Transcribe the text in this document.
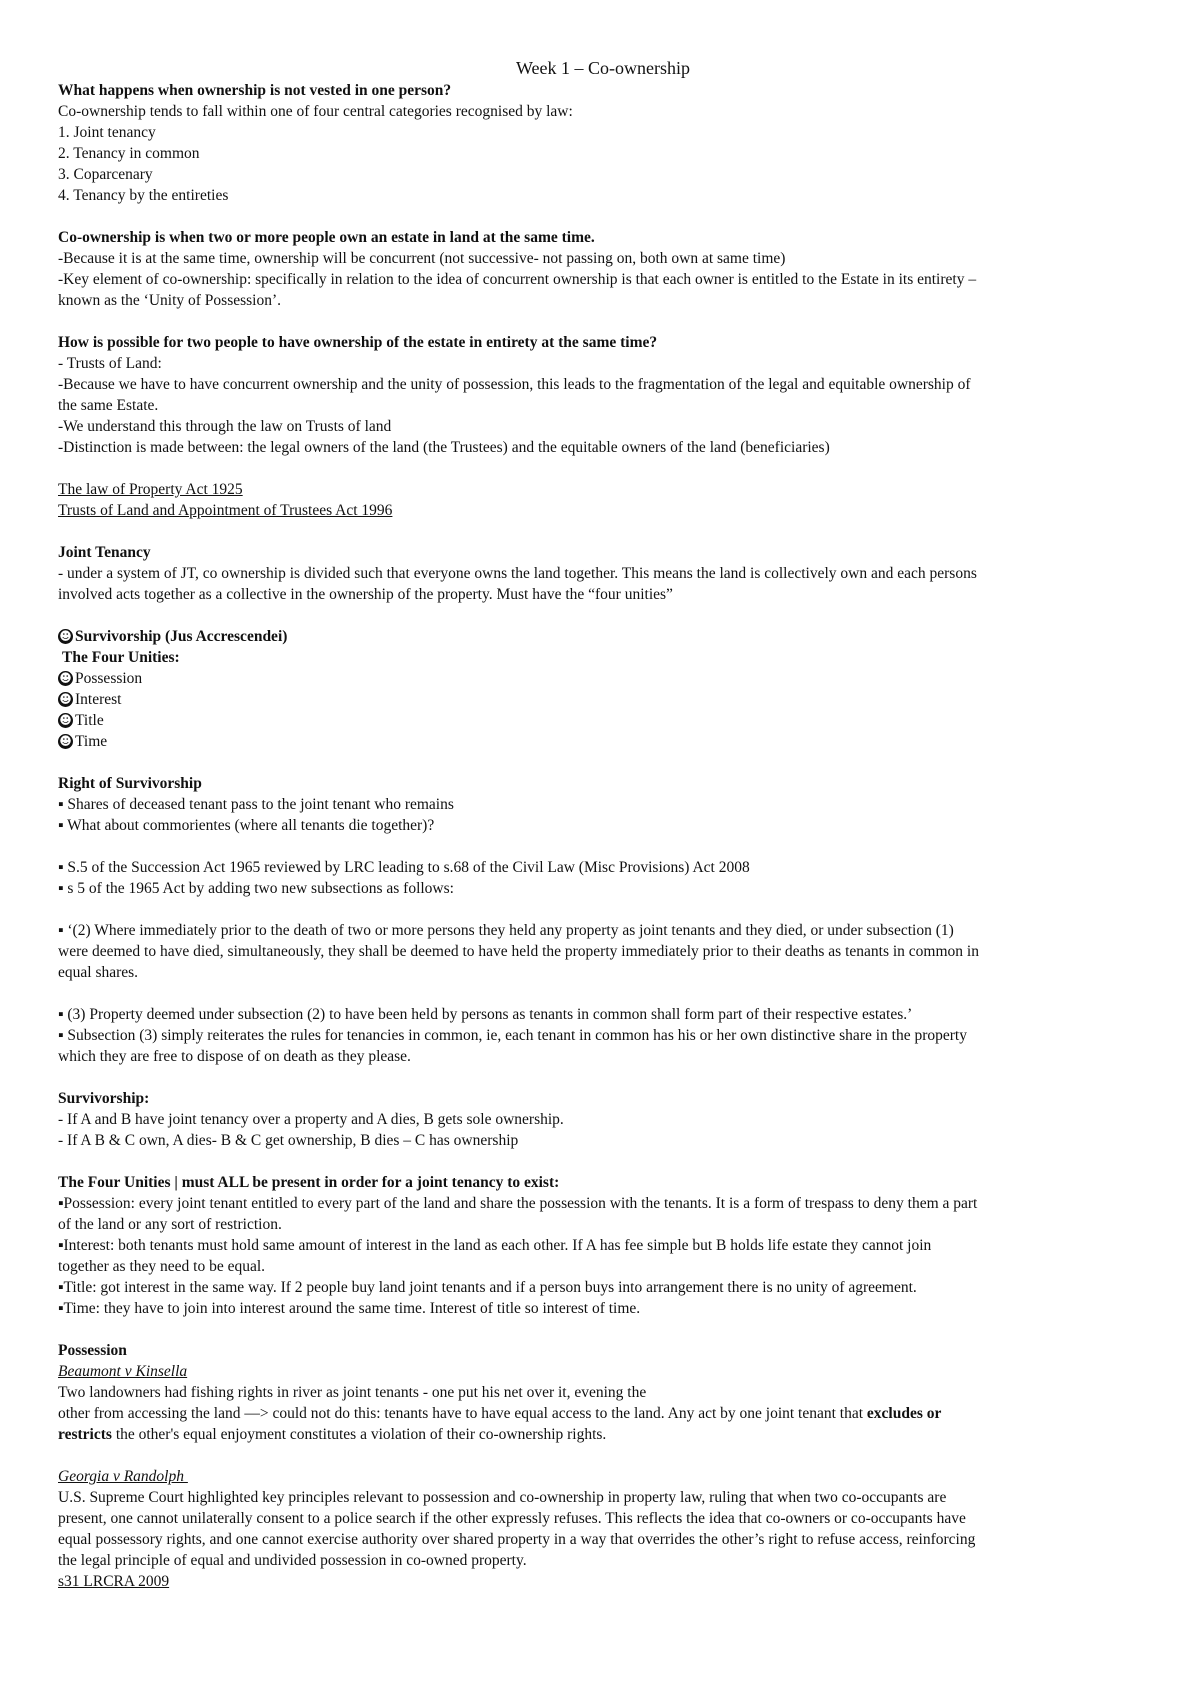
Week 1 – Co-ownership

What happens when ownership is not vested in one person?

Co-ownership tends to fall within one of four central categories recognised by law:

1. Joint tenancy

2. Tenancy in common

3. Coparcenary

4. Tenancy by the entireties

Co-ownership is when two or more people own an estate in land at the same time.

-Because it is at the same time, ownership will be concurrent (not successive- not passing on, both own at same time)

-Key element of co-ownership: specifically in relation to the idea of concurrent ownership is that each owner is entitled to the Estate in its entirety –

known as the ‘Unity of Possession’.

How is possible for two people to have ownership of the estate in entirety at the same time?

- Trusts of Land:

-Because we have to have concurrent ownership and the unity of possession, this leads to the fragmentation of the legal and equitable ownership of

the same Estate.

-We understand this through the law on Trusts of land

-Distinction is made between: the legal owners of the land (the Trustees) and the equitable owners of the land (beneficiaries)

The law of Property Act 1925

Trusts of Land and Appointment of Trustees Act 1996

Joint Tenancy

- under a system of JT, co ownership is divided such that everyone owns the land together. This means the land is collectively own and each persons

involved acts together as a collective in the ownership of the property. Must have the “four unities”

☻ Survivorship (Jus Accrescendei)

The Four Unities:

☻ Possession

☻ Interest

☻ Title

☻ Time

Right of Survivorship

▪ Shares of deceased tenant pass to the joint tenant who remains

▪ What about commorientes (where all tenants die together)?

▪ S.5 of the Succession Act 1965 reviewed by LRC leading to s.68 of the Civil Law (Misc Provisions) Act 2008

▪ s 5 of the 1965 Act by adding two new subsections as follows:

▪ ‘(2) Where immediately prior to the death of two or more persons they held any property as joint tenants and they died, or under subsection (1)

were deemed to have died, simultaneously, they shall be deemed to have held the property immediately prior to their deaths as tenants in common in

equal shares.

▪ (3) Property deemed under subsection (2) to have been held by persons as tenants in common shall form part of their respective estates.’

▪ Subsection (3) simply reiterates the rules for tenancies in common, ie, each tenant in common has his or her own distinctive share in the property

which they are free to dispose of on death as they please.

Survivorship:

- If A and B have joint tenancy over a property and A dies, B gets sole ownership.

- If A B & C own, A dies- B & C get ownership, B dies – C has ownership

The Four Unities | must ALL be present in order for a joint tenancy to exist:

▪Possession: every joint tenant entitled to every part of the land and share the possession with the tenants. It is a form of trespass to deny them a part

of the land or any sort of restriction.

▪Interest: both tenants must hold same amount of interest in the land as each other. If A has fee simple but B holds life estate they cannot join

together as they need to be equal.

▪Title: got interest in the same way. If 2 people buy land joint tenants and if a person buys into arrangement there is no unity of agreement.

▪Time: they have to join into interest around the same time. Interest of title so interest of time.

Possession

Beaumont v Kinsella

Two landowners had fishing rights in river as joint tenants - one put his net over it, evening the

other from accessing the land —> could not do this: tenants have to have equal access to the land. Any act by one joint tenant that excludes or

restricts the other's equal enjoyment constitutes a violation of their co-ownership rights.

Georgia v Randolph

U.S. Supreme Court highlighted key principles relevant to possession and co-ownership in property law, ruling that when two co-occupants are

present, one cannot unilaterally consent to a police search if the other expressly refuses. This reflects the idea that co-owners or co-occupants have

equal possessory rights, and one cannot exercise authority over shared property in a way that overrides the other’s right to refuse access, reinforcing

the legal principle of equal and undivided possession in co-owned property.

s31 LRCRA 2009
